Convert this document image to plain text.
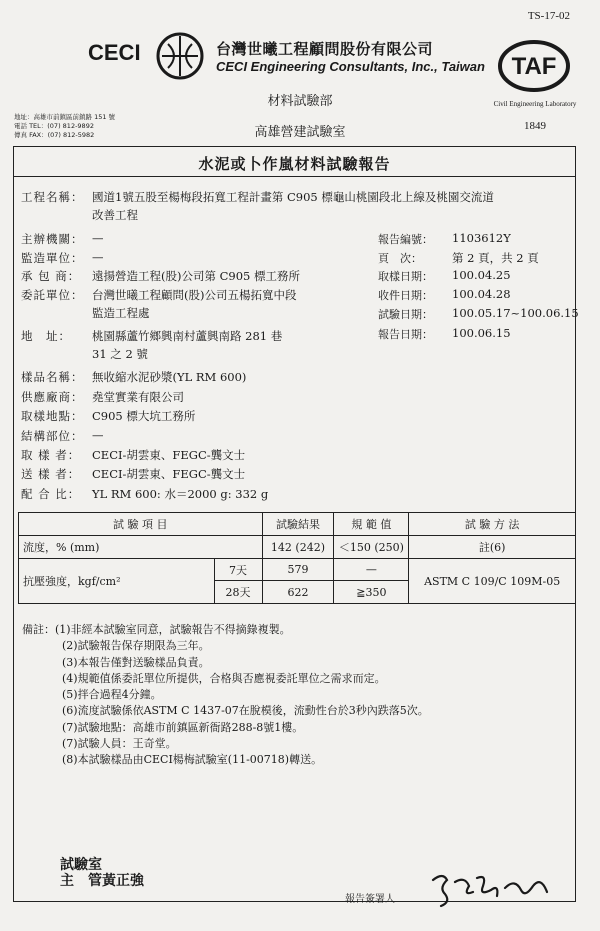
TS-17-02
CECI	台灣世曦工程顧問股份有限公司
CECI Engineering Consultants, Inc., Taiwan TAF
Civil Engineering Laboratory
1849
材料試驗部
高雄營建試驗室
地址：高雄市前鎮區前鎮路 151 號
電話 TEL：(07) 812-9892
傳真 FAX：(07) 812-5982
水泥或卜作嵐材料試驗報告
工程名稱： 國道1號五股至楊梅段拓寬工程計畫第 C905 標龜山桃園段北上線及桃園交流道
改善工程
主辦機關： —
監造單位： —
承 包 商： 遠揚營造工程(股)公司第 C905 標工務所
委託單位： 台灣世曦工程顧問(股)公司五楊拓寬中段
監造工程處
地　址： 桃園縣蘆竹鄉興南村蘆興南路 281 巷
31 之 2 號
樣品名稱： 無收縮水泥砂漿(YL RM 600)
供應廠商： 堯堂實業有限公司
取樣地點： C905 標大坑工務所
結構部位： —
取 樣 者： CECI-胡雲東、FEGC-龔文士
送 樣 者： CECI-胡雲東、FEGC-龔文士
配 合 比： YL RM 600: 水＝2000 g: 332 g
報告編號： 1103612Y
頁　次：	第 2 頁，共 2 頁
取樣日期： 100.04.25
收件日期： 100.04.28
試驗日期： 100.05.17~100.06.15
報告日期： 100.06.15
試 驗 項 目		試驗結果	規 範 值	試 驗 方 法
流度，% (mm)		142 (242)	＜150 (250)	註(6)
抗壓強度，kgf/cm²	7天	579	—	ASTM C 109/C 109M-05
	28天	622	≧350	
備註：(1)非經本試驗室同意，試驗報告不得摘錄複製。
(2)試驗報告保存期限為三年。
(3)本報告僅對送驗樣品負責。
(4)規範值係委託單位所提供，合格與否應視委託單位之需求而定。
(5)拌合過程4分鐘。
(6)流度試驗係依ASTM C 1437-07在脫模後，流動性台於3秒內跌落5次。
(7)試驗地點：高雄市前鎮區新衙路288-8號1樓。
(7)試驗人員：王奇堂。
(8)本試驗樣品由CECI楊梅試驗室(11-00718)轉送。
試驗室
主　管黃正強
報告簽署人
